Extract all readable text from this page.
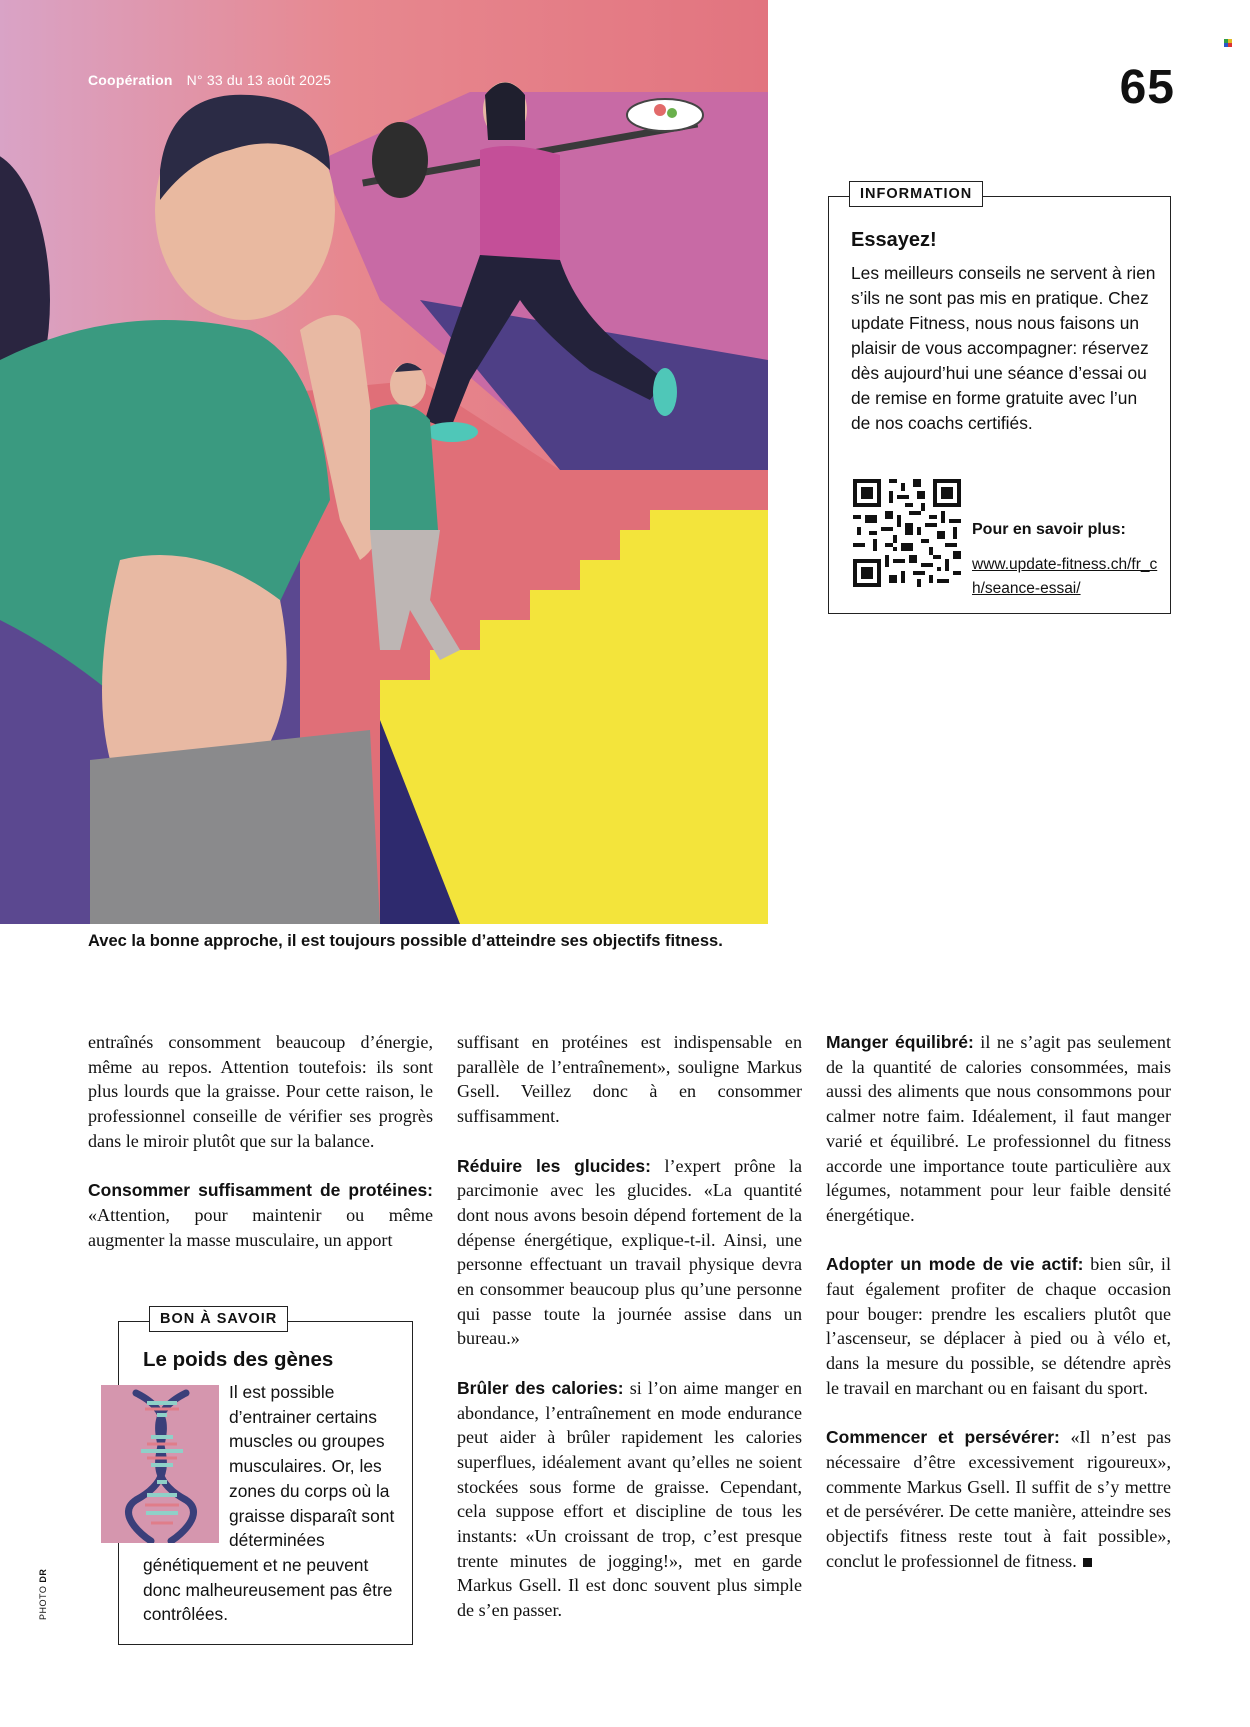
Coopération N° 33 du 13 août 2025	65
Avec la bonne approche, il est toujours possible d’atteindre ses objectifs fitness.
INFORMATION
Essayez!
Les meilleurs conseils ne servent à rien s’ils ne sont pas mis en pratique. Chez update Fitness, nous nous faisons un plaisir de vous accompagner: réservez dès aujourd’hui une séance d’essai ou de remise en forme gratuite avec l’un de nos coachs certifiés.
Pour en savoir plus:
www.update-fitness.ch/fr_ch/seance-essai/

entraînés consomment beaucoup d’énergie, même au repos. Attention toutefois: ils sont plus lourds que la graisse. Pour cette raison, le professionnel conseille de vérifier ses progrès dans le miroir plutôt que sur la balance.

Consommer suffisamment de protéines: «Attention, pour maintenir ou même augmenter la masse musculaire, un apport

BON À SAVOIR
Le poids des gènes
Il est possible d’entrainer certains muscles ou groupes musculaires. Or, les zones du corps où la graisse disparaît sont déterminées
génétiquement et ne peuvent donc malheureusement pas être contrôlées.

suffisant en protéines est indispensable en parallèle de l’entraînement», souligne Markus Gsell. Veillez donc à en consommer suffisamment.

Réduire les glucides: l’expert prône la parcimonie avec les glucides. «La quantité dont nous avons besoin dépend fortement de la dépense énergétique, explique-t-il. Ainsi, une personne effectuant un travail physique devra en consommer beaucoup plus qu’une personne qui passe toute la journée assise dans un bureau.»

Brûler des calories: si l’on aime manger en abondance, l’entraînement en mode endurance peut aider à brûler rapidement les calories superflues, idéalement avant qu’elles ne soient stockées sous forme de graisse. Cependant, cela suppose effort et discipline de tous les instants: «Un croissant de trop, c’est presque trente minutes de jogging!», met en garde Markus Gsell. Il est donc souvent plus simple de s’en passer.

Manger équilibré: il ne s’agit pas seulement de la quantité de calories consommées, mais aussi des aliments que nous consommons pour calmer notre faim. Idéalement, il faut manger varié et équilibré. Le professionnel du fitness accorde une importance toute particulière aux légumes, notamment pour leur faible densité énergétique.

Adopter un mode de vie actif: bien sûr, il faut également profiter de chaque occasion pour bouger: prendre les escaliers plutôt que l’ascenseur, se déplacer à pied ou à vélo et, dans la mesure du possible, se détendre après le travail en marchant ou en faisant du sport.

Commencer et persévérer: «Il n’est pas nécessaire d’être excessivement rigoureux», commente Markus Gsell. Il suffit de s’y mettre et de persévérer. De cette manière, atteindre ses objectifs fitness reste tout à fait possible», conclut le professionnel de fitness.

PHOTO DR
